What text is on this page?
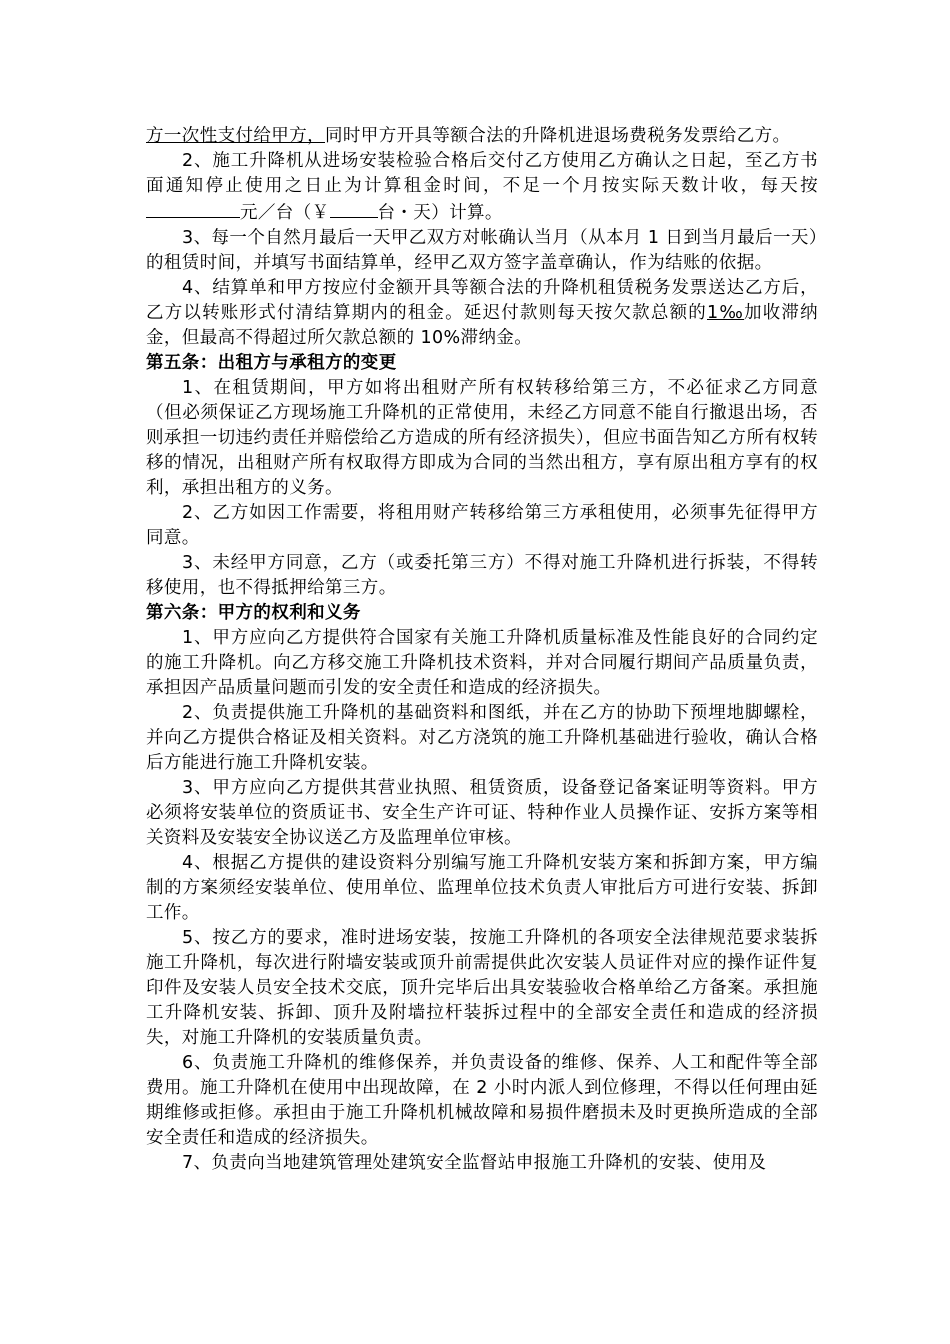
方一次性支付给甲方，同时甲方开具等额合法的升降机进退场费税务发票给乙方。

2、施工升降机从进场安装检验合格后交付乙方使用乙方确认之日起，至乙方书面通知停止使用之日止为计算租金时间，不足一个月按实际天数计收，每天按元／台（￥	台・天）计算。

3、每一个自然月最后一天甲乙双方对帐确认当月（从本月 1 日到当月最后一天）的租赁时间，并填写书面结算单，经甲乙双方签字盖章确认，作为结账的依据。

4、结算单和甲方按应付金额开具等额合法的升降机租赁税务发票送达乙方后，乙方以转账形式付清结算期内的租金。延迟付款则每天按欠款总额的1‰加收滞纳金，但最高不得超过所欠款总额的 10%滞纳金。

第五条：出租方与承租方的变更

1、在租赁期间，甲方如将出租财产所有权转移给第三方，不必征求乙方同意（但必须保证乙方现场施工升降机的正常使用，未经乙方同意不能自行撤退出场，否则承担一切违约责任并赔偿给乙方造成的所有经济损失），但应书面告知乙方所有权转移的情况，出租财产所有权取得方即成为合同的当然出租方，享有原出租方享有的权利，承担出租方的义务。

2、乙方如因工作需要，将租用财产转移给第三方承租使用，必须事先征得甲方同意。

3、未经甲方同意，乙方（或委托第三方）不得对施工升降机进行拆装，不得转移使用，也不得抵押给第三方。

第六条：甲方的权利和义务

1、甲方应向乙方提供符合国家有关施工升降机质量标准及性能良好的合同约定的施工升降机。向乙方移交施工升降机技术资料，并对合同履行期间产品质量负责，承担因产品质量问题而引发的安全责任和造成的经济损失。

2、负责提供施工升降机的基础资料和图纸，并在乙方的协助下预埋地脚螺栓，并向乙方提供合格证及相关资料。对乙方浇筑的施工升降机基础进行验收，确认合格后方能进行施工升降机安装。

3、甲方应向乙方提供其营业执照、租赁资质，设备登记备案证明等资料。甲方必须将安装单位的资质证书、安全生产许可证、特种作业人员操作证、安拆方案等相关资料及安装安全协议送乙方及监理单位审核。

4、根据乙方提供的建设资料分别编写施工升降机安装方案和拆卸方案，甲方编制的方案须经安装单位、使用单位、监理单位技术负责人审批后方可进行安装、拆卸工作。

5、按乙方的要求，准时进场安装，按施工升降机的各项安全法律规范要求装拆施工升降机，每次进行附墙安装或顶升前需提供此次安装人员证件对应的操作证件复印件及安装人员安全技术交底，顶升完毕后出具安装验收合格单给乙方备案。承担施工升降机安装、拆卸、顶升及附墙拉杆装拆过程中的全部安全责任和造成的经济损失，对施工升降机的安装质量负责。

6、负责施工升降机的维修保养，并负责设备的维修、保养、人工和配件等全部费用。施工升降机在使用中出现故障，在 2 小时内派人到位修理，不得以任何理由延期维修或拒修。承担由于施工升降机机械故障和易损件磨损未及时更换所造成的全部安全责任和造成的经济损失。

7、负责向当地建筑管理处建筑安全监督站申报施工升降机的安装、使用及
